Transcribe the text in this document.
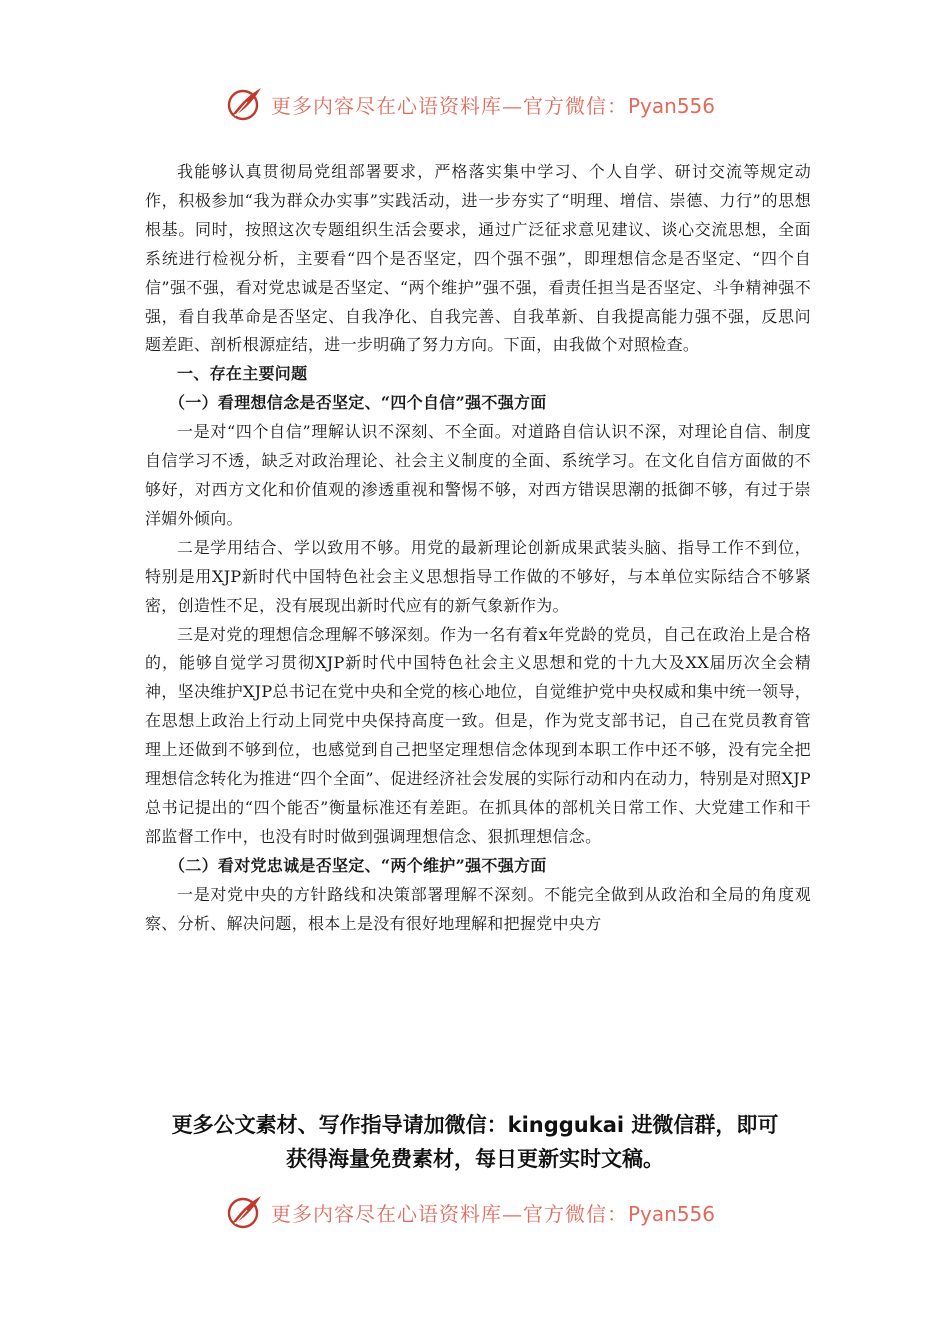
更多内容尽在心语资料库—官方微信：Pyan556

我能够认真贯彻局党组部署要求，严格落实集中学习、个人自学、研讨交流等规定动作，积极参加“我为群众办实事”实践活动，进一步夯实了“明理、增信、崇德、力行”的思想根基。同时，按照这次专题组织生活会要求，通过广泛征求意见建议、谈心交流思想，全面系统进行检视分析，主要看“四个是否坚定，四个强不强”，即理想信念是否坚定、“四个自信”强不强，看对党忠诚是否坚定、“两个维护”强不强，看责任担当是否坚定、斗争精神强不强，看自我革命是否坚定、自我净化、自我完善、自我革新、自我提高能力强不强，反思问题差距、剖析根源症结，进一步明确了努力方向。下面，由我做个对照检查。

一、存在主要问题

（一）看理想信念是否坚定、“四个自信”强不强方面

一是对“四个自信”理解认识不深刻、不全面。对道路自信认识不深，对理论自信、制度自信学习不透，缺乏对政治理论、社会主义制度的全面、系统学习。在文化自信方面做的不够好，对西方文化和价值观的渗透重视和警惕不够，对西方错误思潮的抵御不够，有过于崇洋媚外倾向。

二是学用结合、学以致用不够。用党的最新理论创新成果武装头脑、指导工作不到位，特别是用XJP新时代中国特色社会主义思想指导工作做的不够好，与本单位实际结合不够紧密，创造性不足，没有展现出新时代应有的新气象新作为。

三是对党的理想信念理解不够深刻。作为一名有着x年党龄的党员，自己在政治上是合格的，能够自觉学习贯彻XJP新时代中国特色社会主义思想和党的十九大及XX届历次全会精神，坚决维护XJP总书记在党中央和全党的核心地位，自觉维护党中央权威和集中统一领导，在思想上政治上行动上同党中央保持高度一致。但是，作为党支部书记，自己在党员教育管理上还做到不够到位，也感觉到自己把坚定理想信念体现到本职工作中还不够，没有完全把理想信念转化为推进“四个全面”、促进经济社会发展的实际行动和内在动力，特别是对照XJP总书记提出的“四个能否”衡量标准还有差距。在抓具体的部机关日常工作、大党建工作和干部监督工作中，也没有时时做到强调理想信念、狠抓理想信念。

（二）看对党忠诚是否坚定、“两个维护”强不强方面

一是对党中央的方针路线和决策部署理解不深刻。不能完全做到从政治和全局的角度观察、分析、解决问题，根本上是没有很好地理解和把握党中央方

更多公文素材、写作指导请加微信：kinggukai 进微信群，即可
获得海量免费素材，每日更新实时文稿。
更多内容尽在心语资料库—官方微信：Pyan556
